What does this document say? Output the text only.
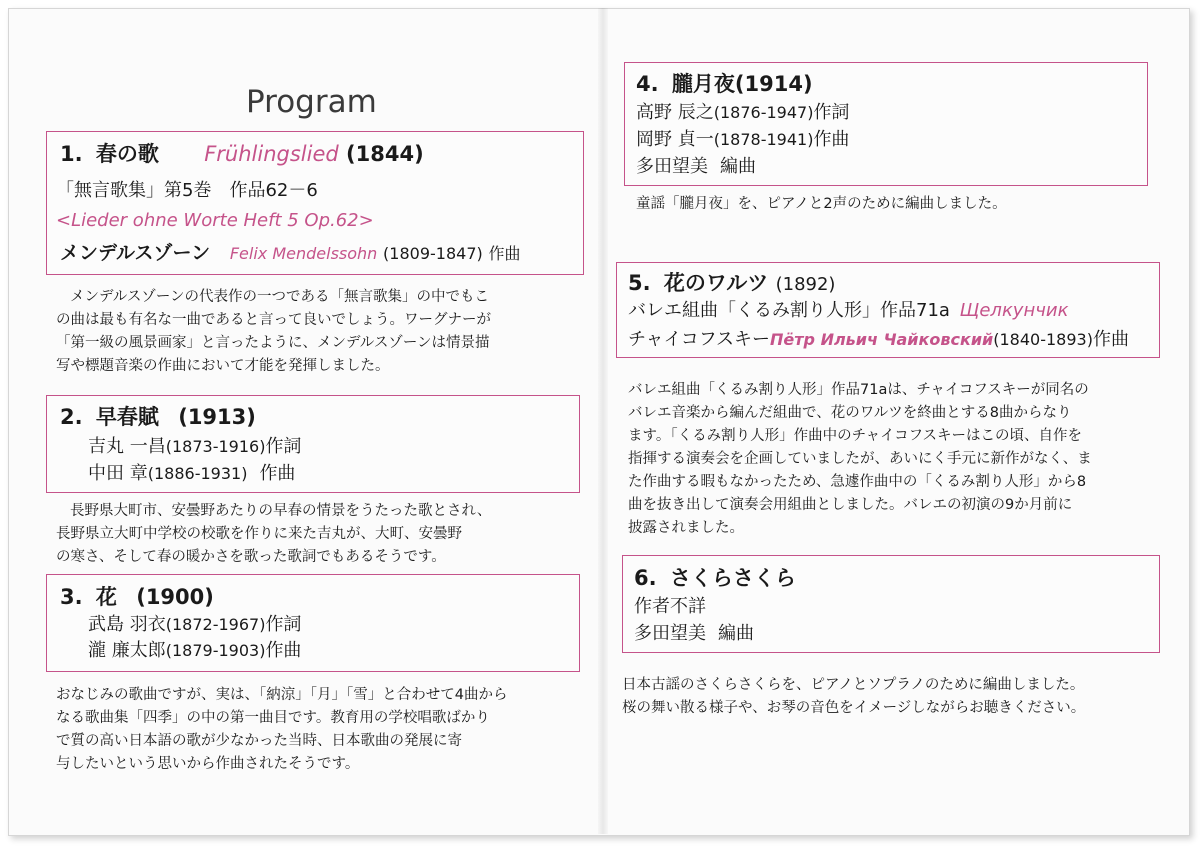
Program
1. 春の歌 Frühlingslied (1844)
「無言歌集」第5巻　作品62－6
<Lieder ohne Worte Heft 5 Op.62>
メンデルスゾーン Felix Mendelssohn (1809-1847) 作曲
メンデルスゾーンの代表作の一つである「無言歌集」の中でもこ
の曲は最も有名な一曲であると言って良いでしょう。ワーグナーが
「第一級の風景画家」と言ったように、メンデルスゾーンは情景描
写や標題音楽の作曲において才能を発揮しました。
2. 早春賦 (1913)
吉丸 一昌(1873-1916)作詞
中田 章(1886-1931) 作曲
長野県大町市、安曇野あたりの早春の情景をうたった歌とされ、
長野県立大町中学校の校歌を作りに来た吉丸が、大町、安曇野
の寒さ、そして春の暖かさを歌った歌詞でもあるそうです。
3. 花 (1900)
武島 羽衣(1872-1967)作詞
瀧 廉太郎(1879-1903)作曲
おなじみの歌曲ですが、実は、「納涼」「月」「雪」と合わせて4曲から
なる歌曲集「四季」の中の第一曲目です。教育用の学校唱歌ばかり
で質の高い日本語の歌が少なかった当時、日本歌曲の発展に寄
与したいという思いから作曲されたそうです。
4. 朧月夜(1914)
高野 辰之(1876-1947)作詞
岡野 貞一(1878-1941)作曲
多田望美 編曲
童謡「朧月夜」を、ピアノと2声のために編曲しました。
5. 花のワルツ (1892)
バレエ組曲「くるみ割り人形」作品71a Щелкунчик
チャイコフスキーПётр Ильич Чайковский(1840-1893)作曲
バレエ組曲「くるみ割り人形」作品71aは、チャイコフスキーが同名の
バレエ音楽から編んだ組曲で、花のワルツを終曲とする8曲からなり
ます。「くるみ割り人形」作曲中のチャイコフスキーはこの頃、自作を
指揮する演奏会を企画していましたが、あいにく手元に新作がなく、ま
た作曲する暇もなかったため、急遽作曲中の「くるみ割り人形」から8
曲を抜き出して演奏会用組曲としました。バレエの初演の9か月前に
披露されました。
6. さくらさくら
作者不詳
多田望美 編曲
日本古謡のさくらさくらを、ピアノとソプラノのために編曲しました。
桜の舞い散る様子や、お琴の音色をイメージしながらお聴きください。
